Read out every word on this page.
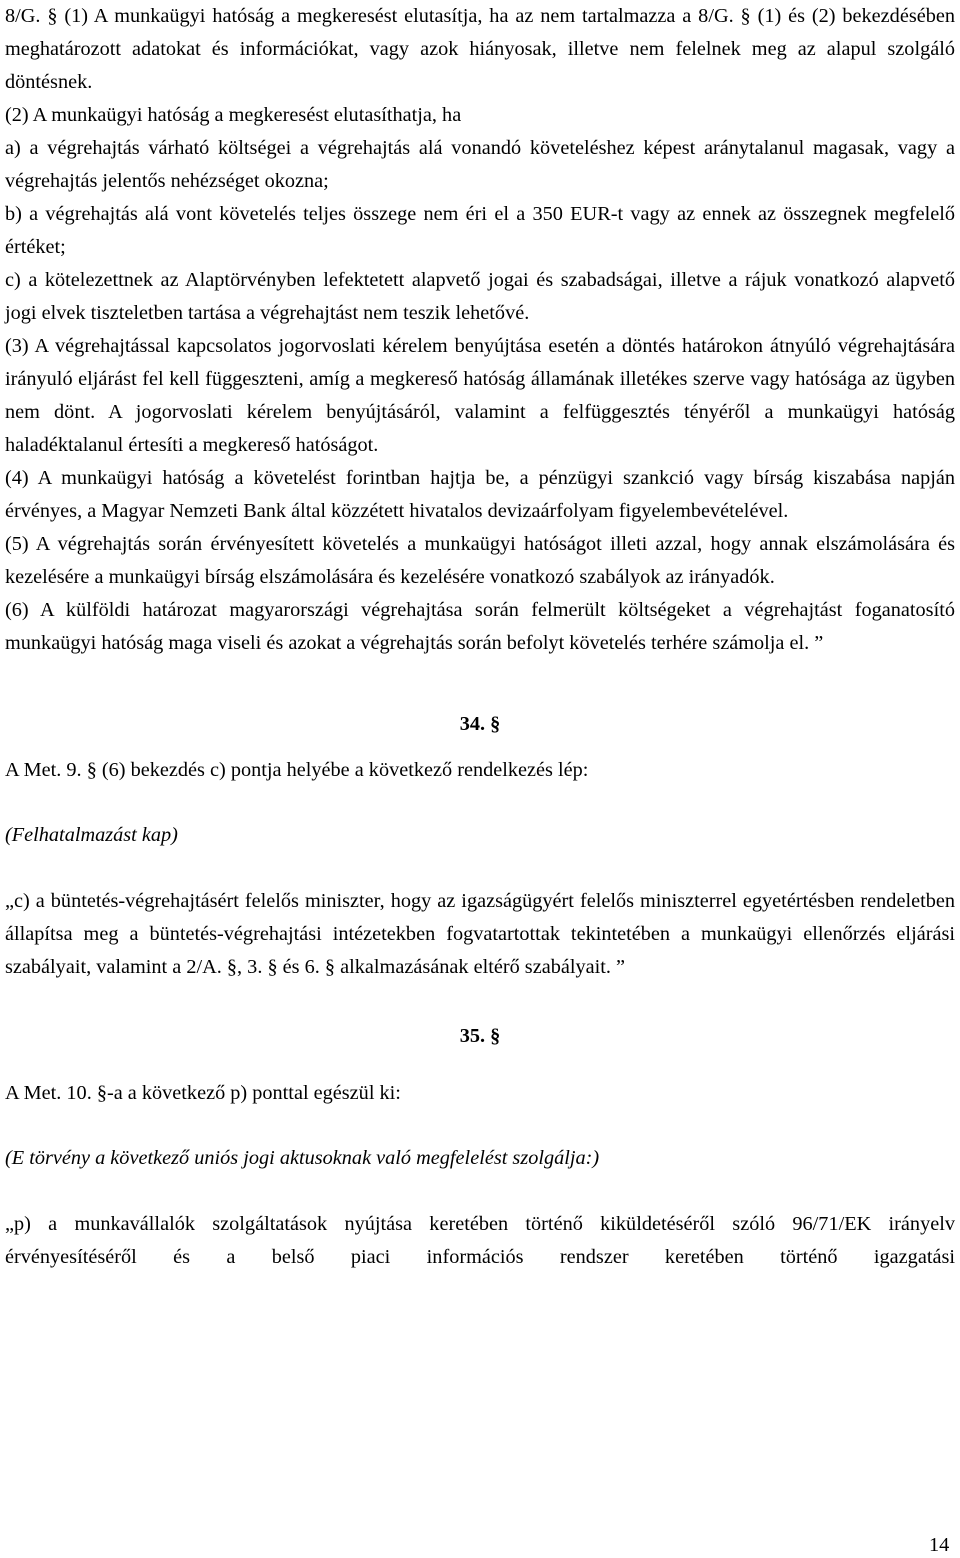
8/G. § (1) A munkaügyi hatóság a megkeresést elutasítja, ha az nem tartalmazza a 8/G. § (1) és (2) bekezdésében meghatározott adatokat és információkat, vagy azok hiányosak, illetve nem felelnek meg az alapul szolgáló döntésnek.

(2) A munkaügyi hatóság a megkeresést elutasíthatja, ha

a) a végrehajtás várható költségei a végrehajtás alá vonandó követeléshez képest aránytalanul magasak, vagy a végrehajtás jelentős nehézséget okozna;

b) a végrehajtás alá vont követelés teljes összege nem éri el a 350 EUR-t vagy az ennek az összegnek megfelelő értéket;

c) a kötelezettnek az Alaptörvényben lefektetett alapvető jogai és szabadságai, illetve a rájuk vonatkozó alapvető jogi elvek tiszteletben tartása a végrehajtást nem teszik lehetővé.

(3) A végrehajtással kapcsolatos jogorvoslati kérelem benyújtása esetén a döntés határokon átnyúló végrehajtására irányuló eljárást fel kell függeszteni, amíg a megkereső hatóság államának illetékes szerve vagy hatósága az ügyben nem dönt. A jogorvoslati kérelem benyújtásáról, valamint a felfüggesztés tényéről a munkaügyi hatóság haladéktalanul értesíti a megkereső hatóságot.

(4) A munkaügyi hatóság a követelést forintban hajtja be, a pénzügyi szankció vagy bírság kiszabása napján érvényes, a Magyar Nemzeti Bank által közzétett hivatalos devizaárfolyam figyelembevételével.

(5) A végrehajtás során érvényesített követelés a munkaügyi hatóságot illeti azzal, hogy annak elszámolására és kezelésére a munkaügyi bírság elszámolására és kezelésére vonatkozó szabályok az irányadók.

(6) A külföldi határozat magyarországi végrehajtása során felmerült költségeket a végrehajtást foganatosító munkaügyi hatóság maga viseli és azokat a végrehajtás során befolyt követelés terhére számolja el. ”

34. §

A Met. 9. § (6) bekezdés c) pontja helyébe a következő rendelkezés lép:

(Felhatalmazást kap)

„c) a büntetés-végrehajtásért felelős miniszter, hogy az igazságügyért felelős miniszterrel egyetértésben rendeletben állapítsa meg a büntetés-végrehajtási intézetekben fogvatartottak tekintetében a munkaügyi ellenőrzés eljárási szabályait, valamint a 2/A. §, 3. § és 6. § alkalmazásának eltérő szabályait. ”

35. §

A Met. 10. §-a a következő p) ponttal egészül ki:

(E törvény a következő uniós jogi aktusoknak való megfelelést szolgálja:)

„p) a munkavállalók szolgáltatások nyújtása keretében történő kiküldetéséről szóló 96/71/EK irányelv érvényesítéséről és a belső piaci információs rendszer keretében történő igazgatási

14
